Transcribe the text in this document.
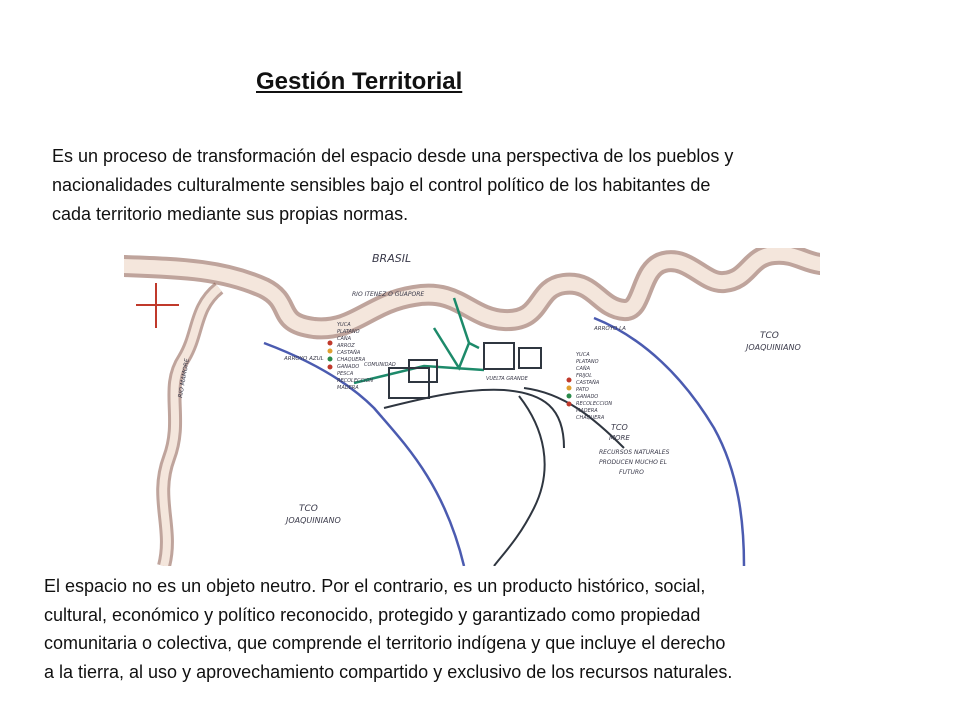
Gestión Territorial
Es un proceso de transformación del espacio desde una perspectiva de los pueblos y
nacionalidades culturalmente sensibles bajo el control político de los habitantes de
cada territorio mediante sus propias normas.
BRASIL
RIO ITENEZ O GUAPORE
RIO MAMORE	ARROYO AZUL
ARROYO LA
TCO
JOAQUINIANO
TCO
JOAQUINIANO
TCO
MORE
RECURSOS NATURALES
PRODUCEN MUCHO EL
FUTURO
COMUNIDAD
VUELTA GRANDE
YUCA
PLATANO
CAÑA
ARROZ
CASTAÑA
CHAQUERA
GANADO
PESCA
RECOLECCION
MADERA
YUCA
PLATANO
CAÑA
FRIJOL
CASTAÑA
PATO
GANADO
RECOLECCION
MADERA
CHAQUERA
El espacio no es un objeto neutro. Por el contrario, es un producto histórico, social,
cultural, económico y político reconocido, protegido y garantizado como propiedad
comunitaria o colectiva, que comprende el territorio indígena y que incluye el derecho
a la tierra, al uso y aprovechamiento compartido y exclusivo de los recursos naturales.
